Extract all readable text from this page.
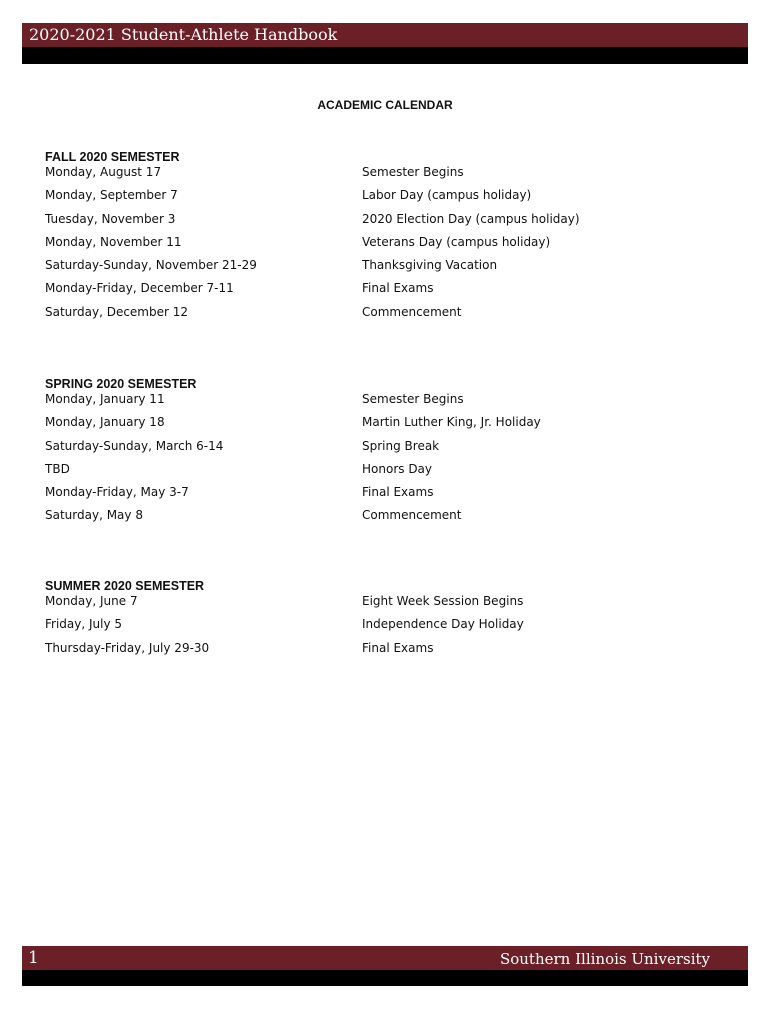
2020-2021 Student-Athlete Handbook
ACADEMIC CALENDAR
FALL 2020 SEMESTER
Monday, August 17	Semester Begins
Monday, September 7	Labor Day (campus holiday)
Tuesday, November 3	2020 Election Day (campus holiday)
Monday, November 11	Veterans Day (campus holiday)
Saturday-Sunday, November 21-29	Thanksgiving Vacation
Monday-Friday, December 7-11	Final Exams
Saturday, December 12	Commencement
SPRING 2020 SEMESTER
Monday, January 11	Semester Begins
Monday, January 18	Martin Luther King, Jr. Holiday
Saturday-Sunday, March 6-14	Spring Break
TBD	Honors Day
Monday-Friday, May 3-7	Final Exams
Saturday, May 8	Commencement
SUMMER 2020 SEMESTER
Monday, June 7	Eight Week Session Begins
Friday, July 5	Independence Day Holiday
Thursday-Friday, July 29-30	Final Exams
1	Southern Illinois University
